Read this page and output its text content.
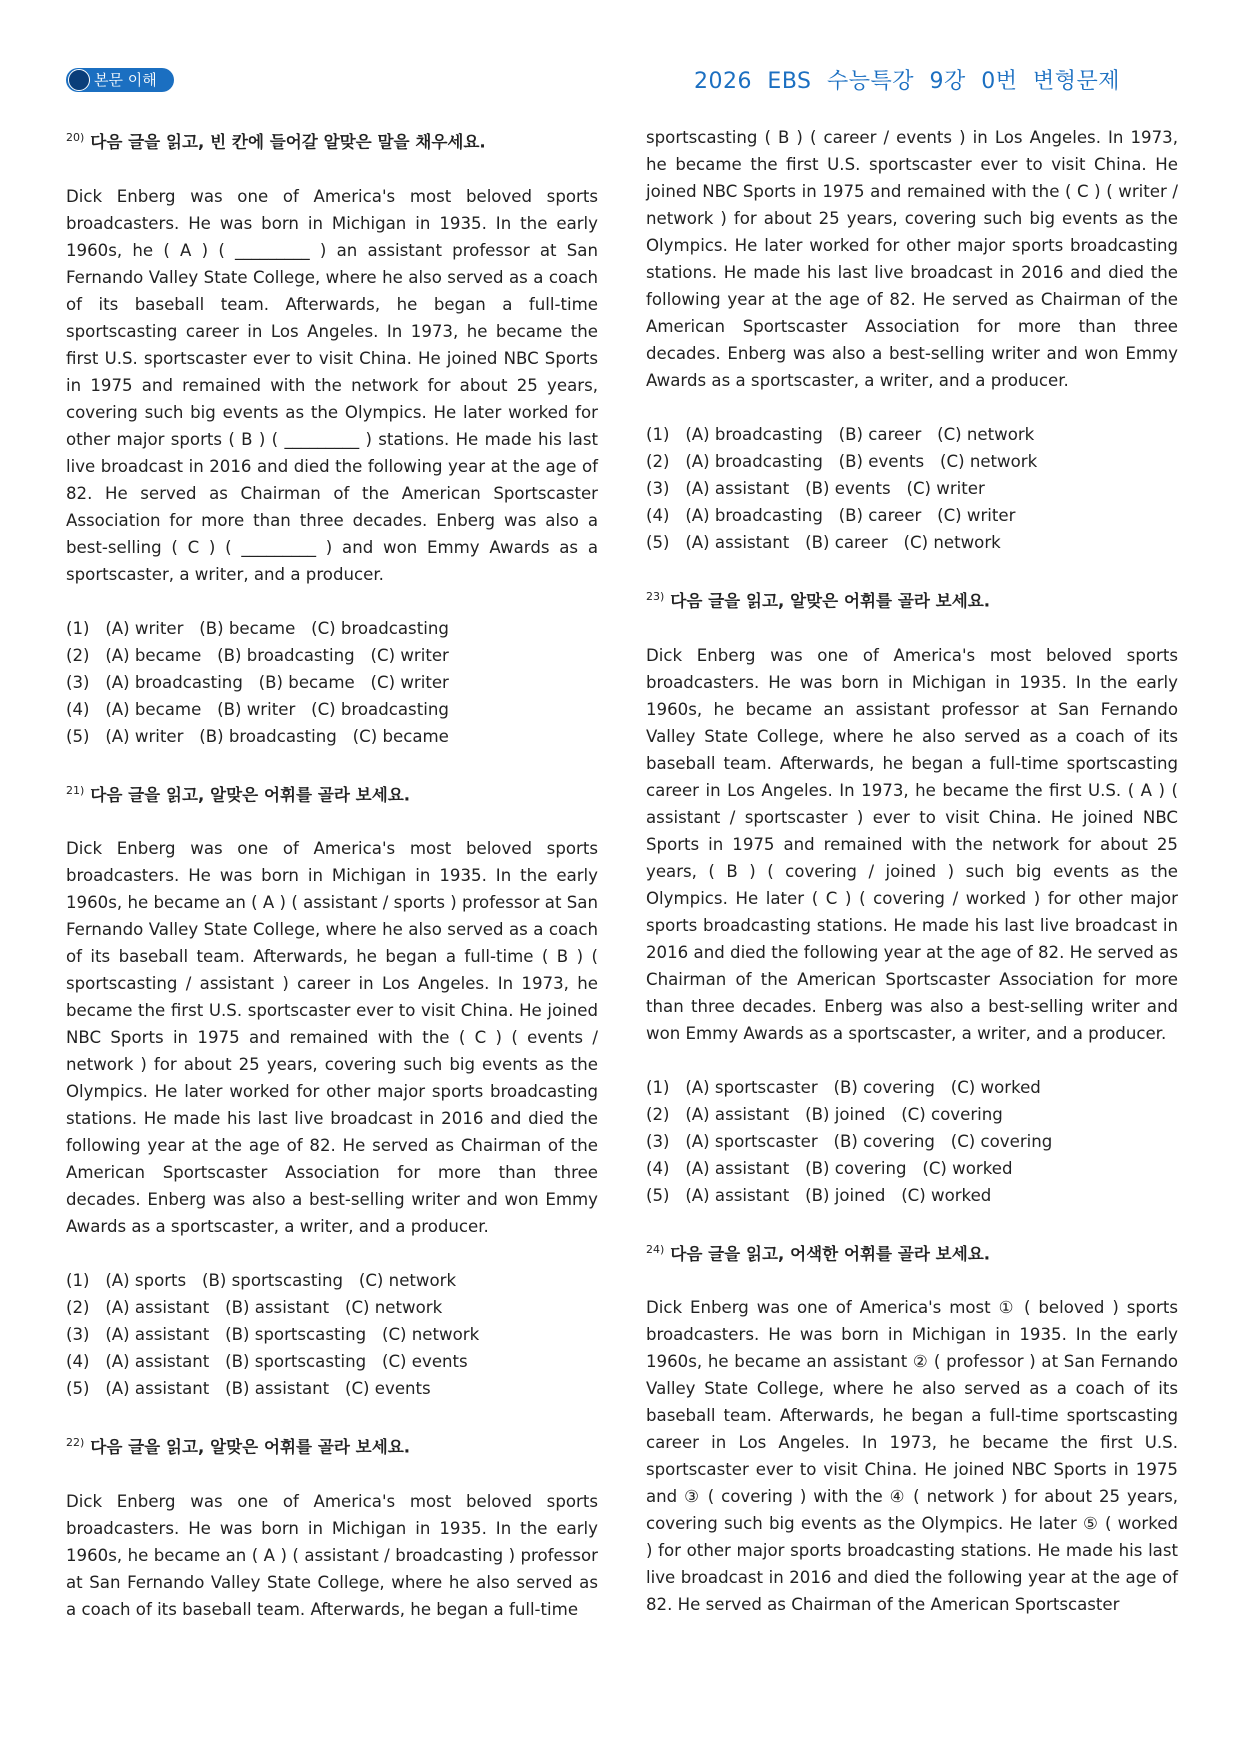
본문 이해	2026 EBS 수능특강 9강 0번 변형문제
$^{20)}$ 다음 글을 읽고, 빈 칸에 들어갈 알맞은 말을 채우세요.
Dick Enberg was one of America's most beloved sports broadcasters. He was born in Michigan in 1935. In the early 1960s, he ( A ) ( _________ ) an assistant professor at San Fernando Valley State College, where he also served as a coach of its baseball team. Afterwards, he began a full-time sportscasting career in Los Angeles. In 1973, he became the first U.S. sportscaster ever to visit China. He joined NBC Sports in 1975 and remained with the network for about 25 years, covering such big events as the Olympics. He later worked for other major sports ( B ) ( _________ ) stations. He made his last live broadcast in 2016 and died the following year at the age of 82. He served as Chairman of the American Sportscaster Association for more than three decades. Enberg was also a best-selling ( C ) ( _________ ) and won Emmy Awards as a sportscaster, a writer, and a producer.
(1)   (A) writer   (B) became   (C) broadcasting
(2)   (A) became   (B) broadcasting   (C) writer
(3)   (A) broadcasting   (B) became   (C) writer
(4)   (A) became   (B) writer   (C) broadcasting
(5)   (A) writer   (B) broadcasting   (C) became
$^{21)}$ 다음 글을 읽고, 알맞은 어휘를 골라 보세요.
Dick Enberg was one of America's most beloved sports broadcasters. He was born in Michigan in 1935. In the early 1960s, he became an ( A ) ( assistant / sports ) professor at San Fernando Valley State College, where he also served as a coach of its baseball team. Afterwards, he began a full-time ( B ) ( sportscasting / assistant ) career in Los Angeles. In 1973, he became the first U.S. sportscaster ever to visit China. He joined NBC Sports in 1975 and remained with the ( C ) ( events / network ) for about 25 years, covering such big events as the Olympics. He later worked for other major sports broadcasting stations. He made his last live broadcast in 2016 and died the following year at the age of 82. He served as Chairman of the American Sportscaster Association for more than three decades. Enberg was also a best-selling writer and won Emmy Awards as a sportscaster, a writer, and a producer.
(1)   (A) sports   (B) sportscasting   (C) network
(2)   (A) assistant   (B) assistant   (C) network
(3)   (A) assistant   (B) sportscasting   (C) network
(4)   (A) assistant   (B) sportscasting   (C) events
(5)   (A) assistant   (B) assistant   (C) events
$^{22)}$ 다음 글을 읽고, 알맞은 어휘를 골라 보세요.
Dick Enberg was one of America's most beloved sports broadcasters. He was born in Michigan in 1935. In the early 1960s, he became an ( A ) ( assistant / broadcasting ) professor at San Fernando Valley State College, where he also served as a coach of its baseball team. Afterwards, he began a full-time
sportscasting ( B ) ( career / events ) in Los Angeles. In 1973, he became the first U.S. sportscaster ever to visit China. He joined NBC Sports in 1975 and remained with the ( C ) ( writer / network ) for about 25 years, covering such big events as the Olympics. He later worked for other major sports broadcasting stations. He made his last live broadcast in 2016 and died the following year at the age of 82. He served as Chairman of the American Sportscaster Association for more than three decades. Enberg was also a best-selling writer and won Emmy Awards as a sportscaster, a writer, and a producer.
(1)   (A) broadcasting   (B) career   (C) network
(2)   (A) broadcasting   (B) events   (C) network
(3)   (A) assistant   (B) events   (C) writer
(4)   (A) broadcasting   (B) career   (C) writer
(5)   (A) assistant   (B) career   (C) network
$^{23)}$ 다음 글을 읽고, 알맞은 어휘를 골라 보세요.
Dick Enberg was one of America's most beloved sports broadcasters. He was born in Michigan in 1935. In the early 1960s, he became an assistant professor at San Fernando Valley State College, where he also served as a coach of its baseball team. Afterwards, he began a full-time sportscasting career in Los Angeles. In 1973, he became the first U.S. ( A ) ( assistant / sportscaster ) ever to visit China. He joined NBC Sports in 1975 and remained with the network for about 25 years, ( B ) ( covering / joined ) such big events as the Olympics. He later ( C ) ( covering / worked ) for other major sports broadcasting stations. He made his last live broadcast in 2016 and died the following year at the age of 82. He served as Chairman of the American Sportscaster Association for more than three decades. Enberg was also a best-selling writer and won Emmy Awards as a sportscaster, a writer, and a producer.
(1)   (A) sportscaster   (B) covering   (C) worked
(2)   (A) assistant   (B) joined   (C) covering
(3)   (A) sportscaster   (B) covering   (C) covering
(4)   (A) assistant   (B) covering   (C) worked
(5)   (A) assistant   (B) joined   (C) worked
$^{24)}$ 다음 글을 읽고, 어색한 어휘를 골라 보세요.
Dick Enberg was one of America's most ① ( beloved ) sports broadcasters. He was born in Michigan in 1935. In the early 1960s, he became an assistant ② ( professor ) at San Fernando Valley State College, where he also served as a coach of its baseball team. Afterwards, he began a full-time sportscasting career in Los Angeles. In 1973, he became the first U.S. sportscaster ever to visit China. He joined NBC Sports in 1975 and ③ ( covering ) with the ④ ( network ) for about 25 years, covering such big events as the Olympics. He later ⑤ ( worked ) for other major sports broadcasting stations. He made his last live broadcast in 2016 and died the following year at the age of 82. He served as Chairman of the American Sportscaster
